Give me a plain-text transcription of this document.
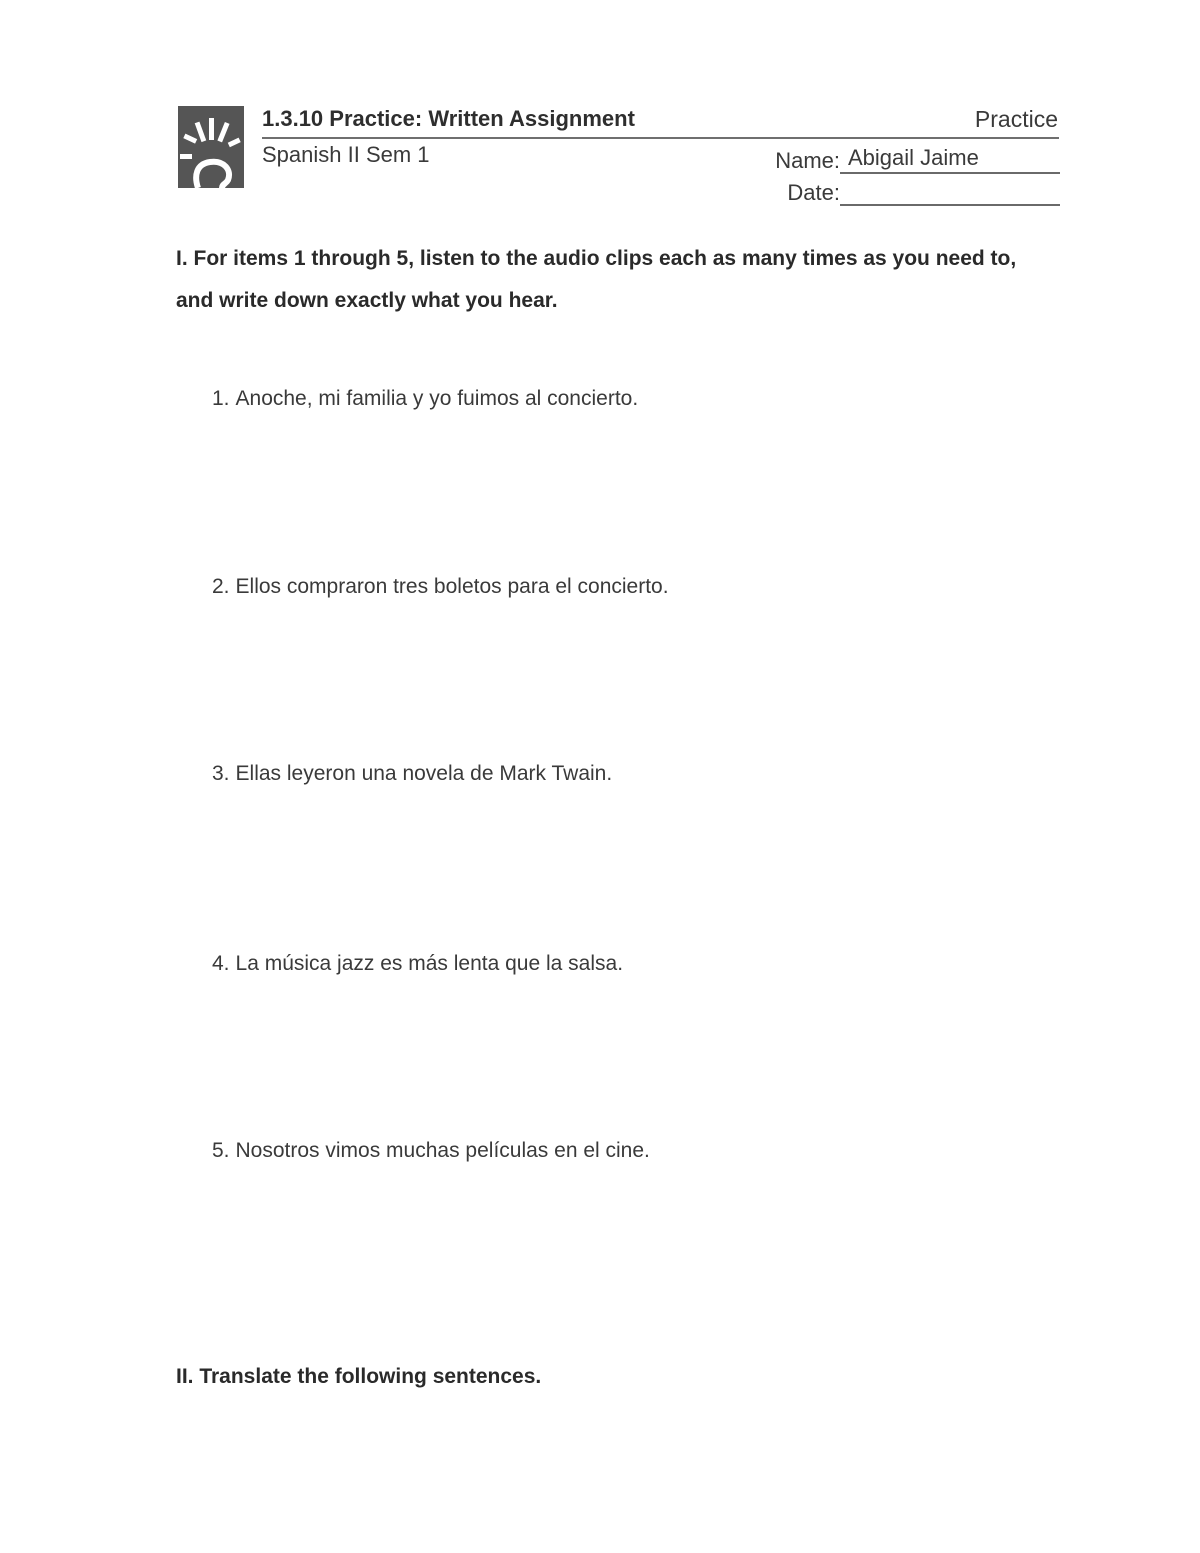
1.3.10 Practice: Written Assignment	Practice
Spanish II Sem 1	Name: Abigail Jaime
Date:
I. For items 1 through 5, listen to the audio clips each as many times as you need to, and write down exactly what you hear.
1. Anoche, mi familia y yo fuimos al concierto.
2. Ellos compraron tres boletos para el concierto.
3. Ellas leyeron una novela de Mark Twain.
4. La música jazz es más lenta que la salsa.
5. Nosotros vimos muchas películas en el cine.
II. Translate the following sentences.
